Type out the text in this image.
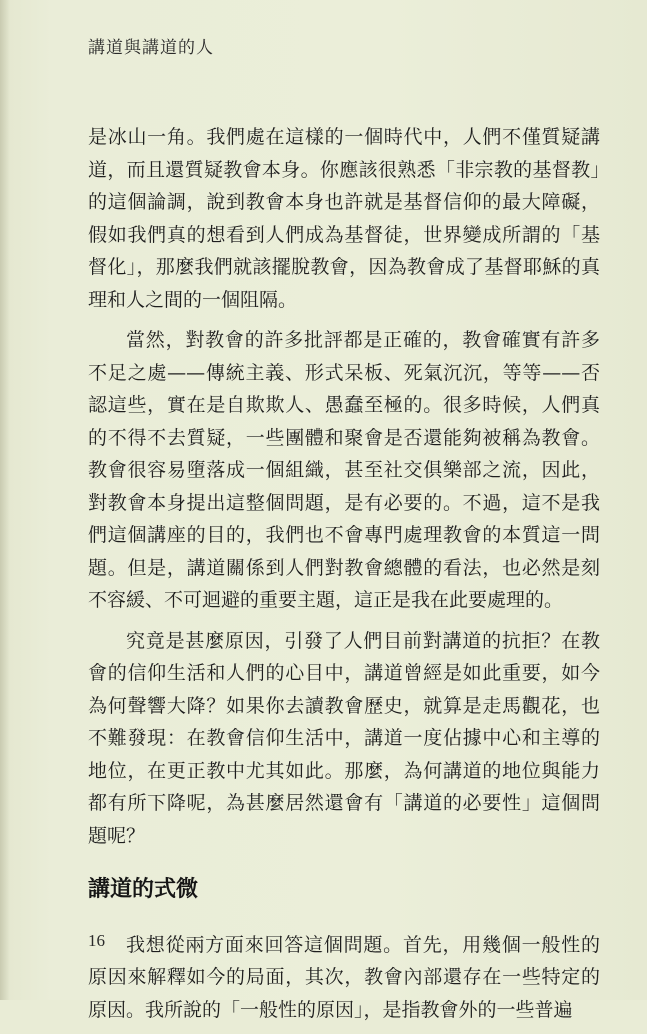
講道與講道的人

是冰山一角。我們處在這樣的一個時代中，人們不僅質疑講道，而且還質疑教會本身。你應該很熟悉「非宗教的基督教」的這個論調，說到教會本身也許就是基督信仰的最大障礙，假如我們真的想看到人們成為基督徒，世界變成所謂的「基督化」，那麼我們就該擺脫教會，因為教會成了基督耶穌的真理和人之間的一個阻隔。

當然，對教會的許多批評都是正確的，教會確實有許多不足之處——傳統主義、形式呆板、死氣沉沉，等等——否認這些，實在是自欺欺人、愚蠢至極的。很多時候，人們真的不得不去質疑，一些團體和聚會是否還能夠被稱為教會。教會很容易墮落成一個組織，甚至社交俱樂部之流，因此，對教會本身提出這整個問題，是有必要的。不過，這不是我們這個講座的目的，我們也不會專門處理教會的本質這一問題。但是，講道關係到人們對教會總體的看法，也必然是刻不容緩、不可迴避的重要主題，這正是我在此要處理的。

究竟是甚麼原因，引發了人們目前對講道的抗拒？在教會的信仰生活和人們的心目中，講道曾經是如此重要，如今為何聲響大降？如果你去讀教會歷史，就算是走馬觀花，也不難發現：在教會信仰生活中，講道一度佔據中心和主導的地位，在更正教中尤其如此。那麼，為何講道的地位與能力都有所下降呢，為甚麼居然還會有「講道的必要性」這個問題呢？

講道的式微

我想從兩方面來回答這個問題。首先，用幾個一般性的原因來解釋如今的局面，其次，教會內部還存在一些特定的原因。我所說的「一般性的原因」，是指教會外的一些普遍

16
